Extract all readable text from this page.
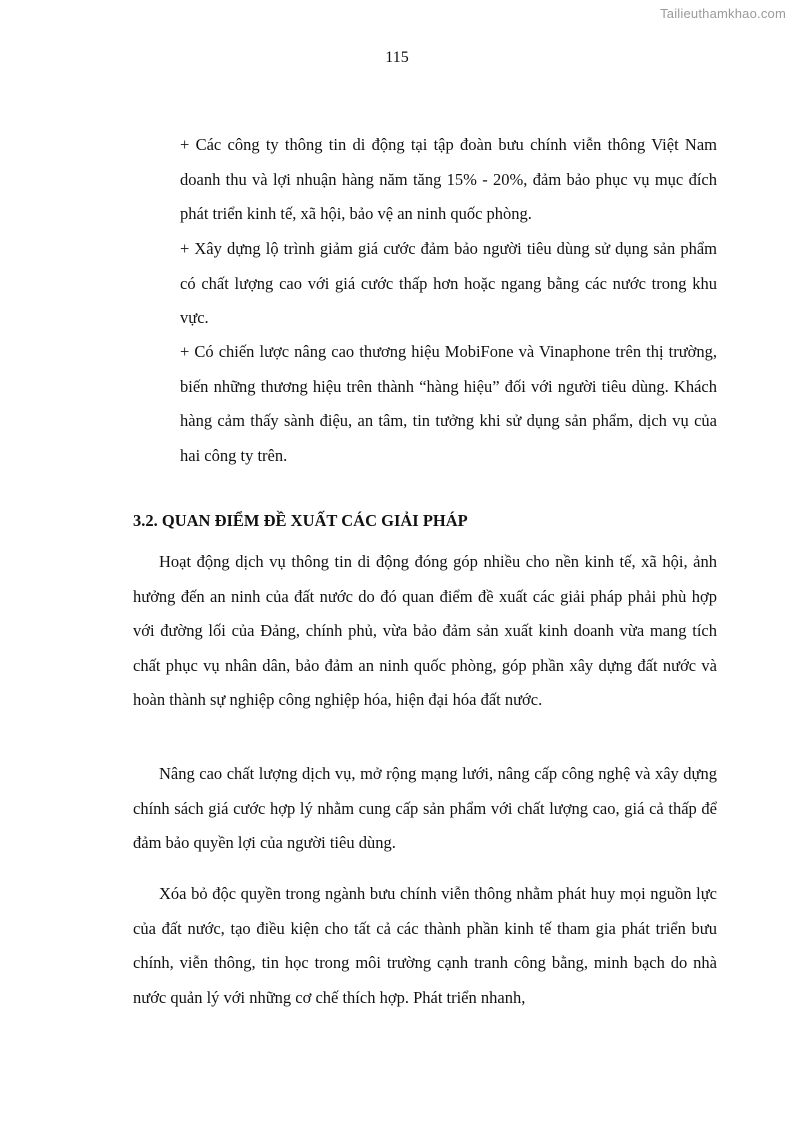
Tailieuthamkhao.com
115

+ Các công ty thông tin di động tại tập đoàn bưu chính viễn thông Việt Nam doanh thu và lợi nhuận hàng năm tăng 15% - 20%, đảm bảo phục vụ mục đích phát triển kinh tế, xã hội, bảo vệ an ninh quốc phòng.

+ Xây dựng lộ trình giảm giá cước đảm bảo người tiêu dùng sử dụng sản phẩm có chất lượng cao với giá cước thấp hơn hoặc ngang bằng các nước trong khu vực.

+ Có chiến lược nâng cao thương hiệu MobiFone và Vinaphone trên thị trường, biến những thương hiệu trên thành “hàng hiệu” đối với người tiêu dùng. Khách hàng cảm thấy sành điệu, an tâm, tin tưởng khi sử dụng sản phẩm, dịch vụ của hai công ty trên.

3.2. QUAN ĐIỂM ĐỀ XUẤT CÁC GIẢI PHÁP

Hoạt động dịch vụ thông tin di động đóng góp nhiều cho nền kinh tế, xã hội, ảnh hưởng đến an ninh của đất nước do đó quan điểm đề xuất các giải pháp phải phù hợp với đường lối của Đảng, chính phủ, vừa bảo đảm sản xuất kinh doanh vừa mang tích chất phục vụ nhân dân, bảo đảm an ninh quốc phòng, góp phần xây dựng đất nước và hoàn thành sự nghiệp công nghiệp hóa, hiện đại hóa đất nước.

Nâng cao chất lượng dịch vụ, mở rộng mạng lưới, nâng cấp công nghệ và xây dựng chính sách giá cước hợp lý nhằm cung cấp sản phẩm với chất lượng cao, giá cả thấp để đảm bảo quyền lợi của người tiêu dùng.

Xóa bỏ độc quyền trong ngành bưu chính viễn thông nhằm phát huy mọi nguồn lực của đất nước, tạo điều kiện cho tất cả các thành phần kinh tế tham gia phát triển bưu chính, viễn thông, tin học trong môi trường cạnh tranh công bằng, minh bạch do nhà nước quản lý với những cơ chế thích hợp. Phát triển nhanh,
